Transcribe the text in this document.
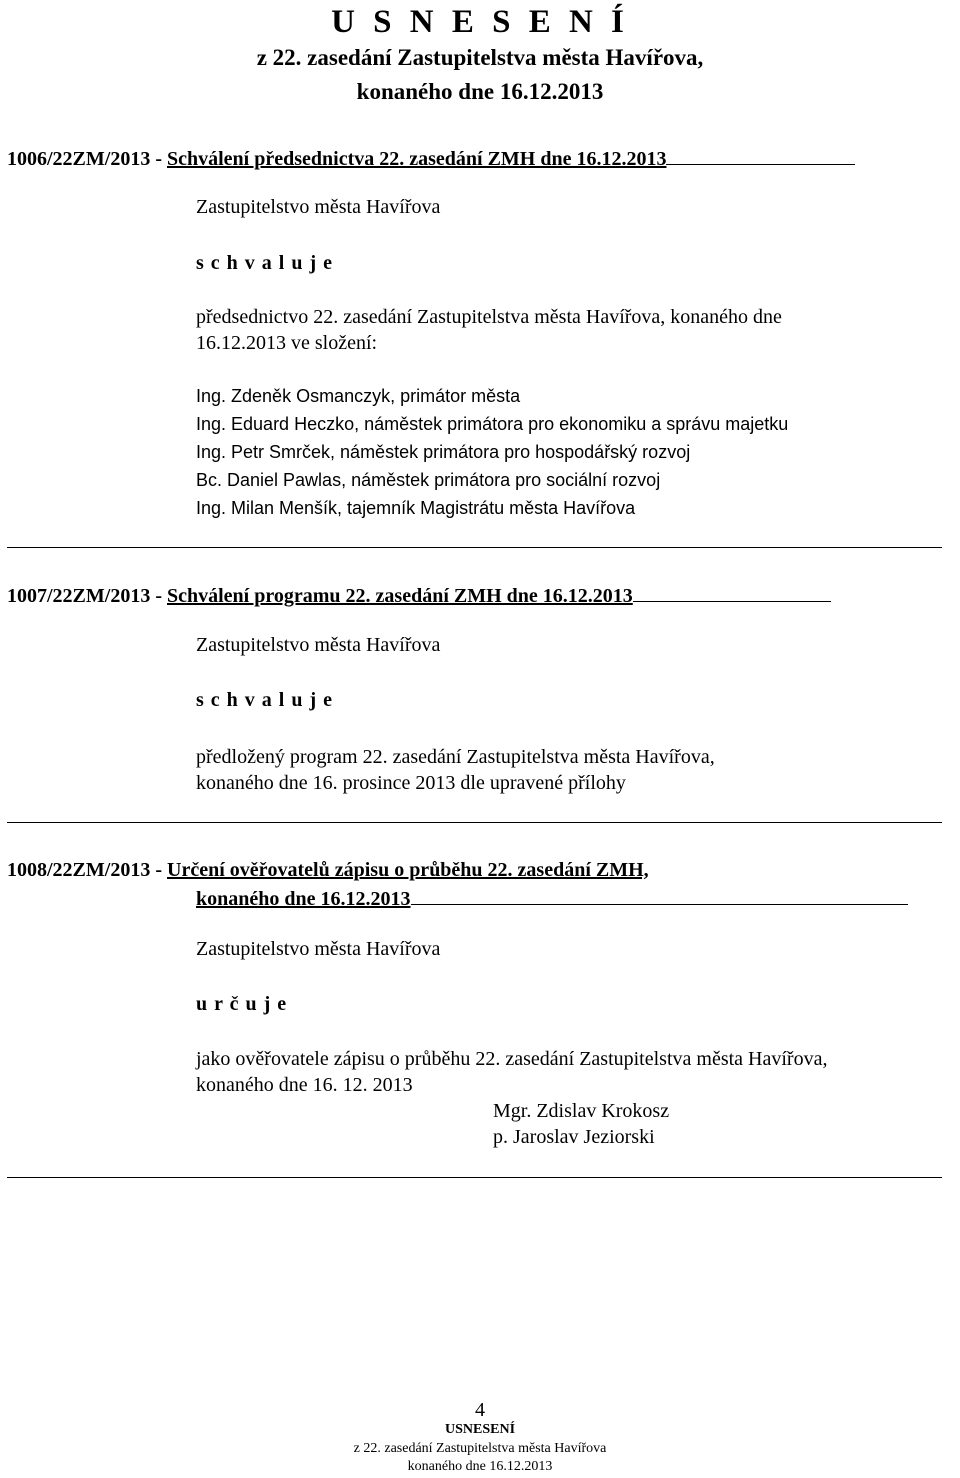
U S N E S E N Í
z 22. zasedání Zastupitelstva města Havířova,
konaného dne 16.12.2013
1006/22ZM/2013 - Schválení předsednictva 22. zasedání ZMH dne 16.12.2013
Zastupitelstvo města Havířova
s c h v a l u j e
předsednictvo 22. zasedání Zastupitelstva města Havířova, konaného dne
16.12.2013 ve složení:
Ing. Zdeněk Osmanczyk, primátor města
Ing. Eduard Heczko, náměstek primátora pro ekonomiku a správu majetku
Ing. Petr Smrček, náměstek primátora pro hospodářský rozvoj
Bc. Daniel Pawlas, náměstek primátora pro sociální rozvoj
Ing. Milan Menšík, tajemník Magistrátu města Havířova
1007/22ZM/2013 - Schválení programu 22. zasedání ZMH dne 16.12.2013
Zastupitelstvo města Havířova
s c h v a l u j e
předložený program 22. zasedání Zastupitelstva města Havířova,
konaného dne 16. prosince 2013 dle upravené přílohy
1008/22ZM/2013 - Určení ověřovatelů zápisu o průběhu 22. zasedání ZMH,
konaného dne 16.12.2013
Zastupitelstvo města Havířova
u r č u j e
jako ověřovatele zápisu o průběhu 22. zasedání Zastupitelstva města Havířova,
konaného dne 16. 12. 2013
Mgr. Zdislav Krokosz
p. Jaroslav Jeziorski
4
USNESENÍ
z 22. zasedání Zastupitelstva města Havířova
konaného dne 16.12.2013
